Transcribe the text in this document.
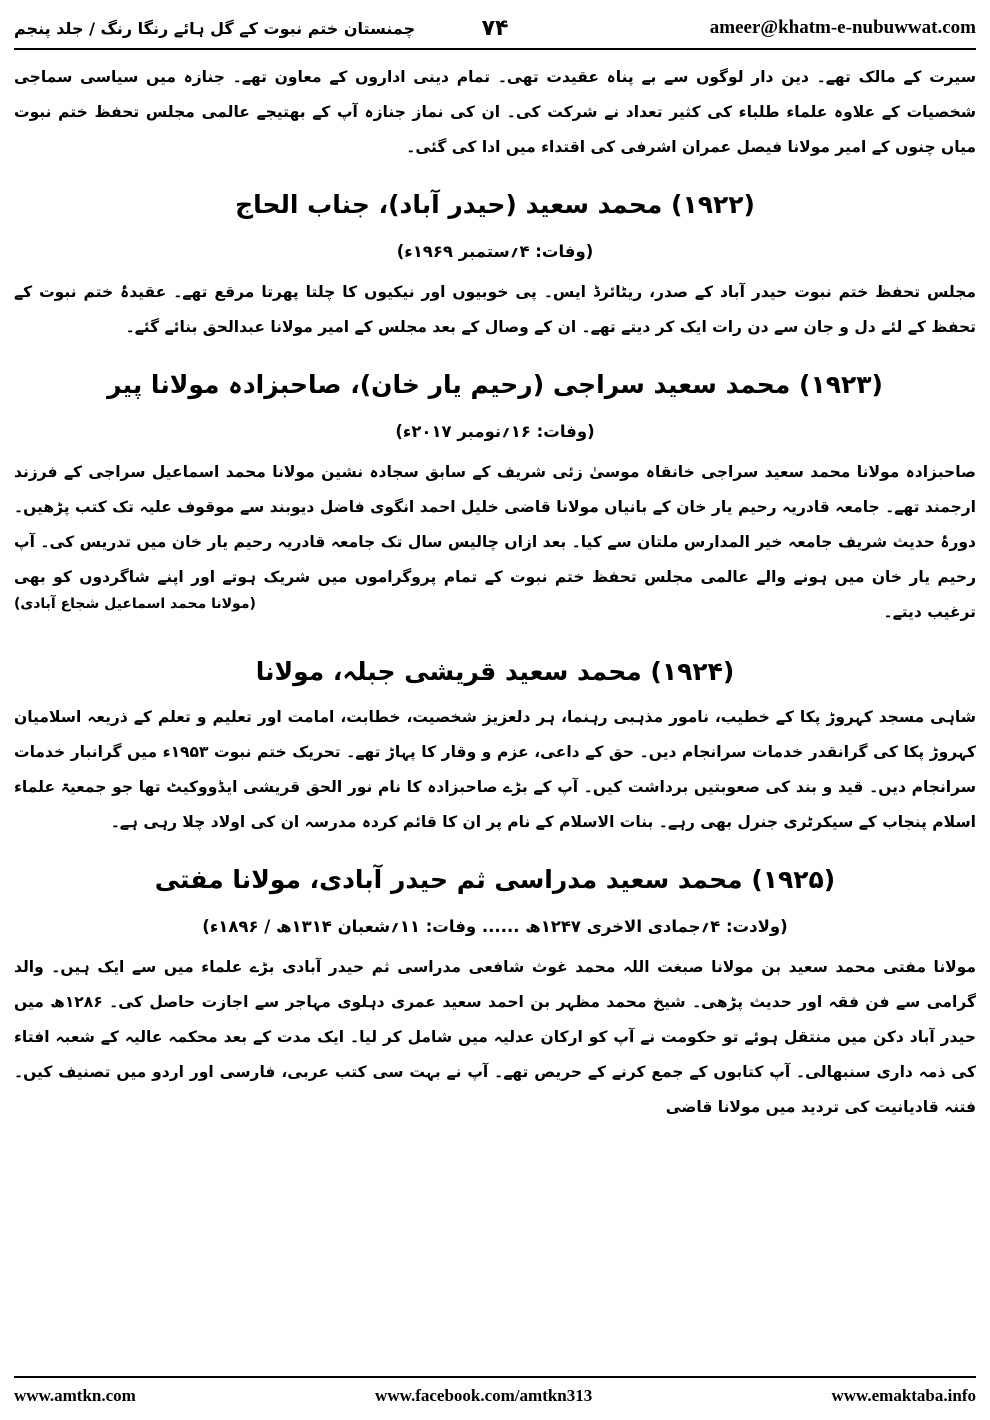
چمنستان ختم نبوت کے گل ہائے رنگا رنگ / جلد پنجم	۷۴	ameer@khatm-e-nubuwwat.com

سیرت کے مالک تھے۔ دین دار لوگوں سے بے پناہ عقیدت تھی۔ تمام دینی اداروں کے معاون تھے۔ جنازہ میں سیاسی سماجی شخصیات کے علاوہ علماء طلباء کی کثیر تعداد نے شرکت کی۔ ان کی نماز جنازہ آپ کے بھتیجے عالمی مجلس تحفظ ختم نبوت میاں چنوں کے امیر مولانا فیصل عمران اشرفی کی اقتداء میں ادا کی گئی۔

(۱۹۲۲) محمد سعید (حیدر آباد)، جناب الحاج
(وفات: ۴؍ستمبر ۱۹۶۹ء)

مجلس تحفظ ختم نبوت حیدر آباد کے صدر، ریٹائرڈ ایس۔ پی خوبیوں اور نیکیوں کا چلتا پھرتا مرقع تھے۔ عقیدۂ ختم نبوت کے تحفظ کے لئے دل و جان سے دن رات ایک کر دیتے تھے۔ ان کے وصال کے بعد مجلس کے امیر مولانا عبدالحق بنائے گئے۔

(۱۹۲۳) محمد سعید سراجی (رحیم یار خان)، صاحبزادہ مولانا پیر
(وفات: ۱۶؍نومبر ۲۰۱۷ء)

صاحبزادہ مولانا محمد سعید سراجی خانقاہ موسیٰ زئی شریف کے سابق سجادہ نشین مولانا محمد اسماعیل سراجی کے فرزند ارجمند تھے۔ جامعہ قادریہ رحیم یار خان کے بانیاں مولانا قاضی خلیل احمد انگوی فاضل دیوبند سے موقوف علیہ تک کتب پڑھیں۔ دورۂ حدیث شریف جامعہ خیر المدارس ملتان سے کیا۔ بعد ازاں چالیس سال تک جامعہ قادریہ رحیم یار خان میں تدریس کی۔ آپ رحیم یار خان میں ہونے والے عالمی مجلس تحفظ ختم نبوت کے تمام پروگراموں میں شریک ہوتے اور اپنے شاگردوں کو بھی ترغیب دیتے۔

(مولانا محمد اسماعیل شجاع آبادی)
(۱۹۲۴) محمد سعید قریشی جبلہ، مولانا

شاہی مسجد کہروڑ پکا کے خطیب، نامور مذہبی رہنما، ہر دلعزیز شخصیت، خطابت، امامت اور تعلیم و تعلم کے ذریعہ اسلامیان کہروڑ پکا کی گرانقدر خدمات سرانجام دیں۔ حق کے داعی، عزم و وقار کا پہاڑ تھے۔ تحریک ختم نبوت ۱۹۵۳ء میں گرانبار خدمات سرانجام دیں۔ قید و بند کی صعوبتیں برداشت کیں۔ آپ کے بڑے صاحبزادہ کا نام نور الحق قریشی ایڈووکیٹ تھا جو جمعیۃ علماء اسلام پنجاب کے سیکرٹری جنرل بھی رہے۔ بنات الاسلام کے نام پر ان کا قائم کردہ مدرسہ ان کی اولاد چلا رہی ہے۔

(۱۹۲۵) محمد سعید مدراسی ثم حیدر آبادی، مولانا مفتی
(ولادت: ۴؍جمادی الاخری ۱۲۴۷ھ ...... وفات: ۱۱؍شعبان ۱۳۱۴ھ / ۱۸۹۶ء)

مولانا مفتی محمد سعید بن مولانا صبغت اللہ محمد غوث شافعی مدراسی ثم حیدر آبادی بڑے علماء میں سے ایک ہیں۔ والد گرامی سے فن فقہ اور حدیث پڑھی۔ شیخ محمد مظہر بن احمد سعید عمری دہلوی مہاجر سے اجازت حاصل کی۔ ۱۲۸۶ھ میں حیدر آباد دکن میں منتقل ہوئے تو حکومت نے آپ کو ارکان عدلیہ میں شامل کر لیا۔ ایک مدت کے بعد محکمہ عالیہ کے شعبہ افتاء کی ذمہ داری سنبھالی۔ آپ کتابوں کے جمع کرنے کے حریص تھے۔ آپ نے بہت سی کتب عربی، فارسی اور اردو میں تصنیف کیں۔ فتنہ قادیانیت کی تردید میں مولانا قاضی

www.amtkn.com	www.facebook.com/amtkn313	www.emaktaba.info
